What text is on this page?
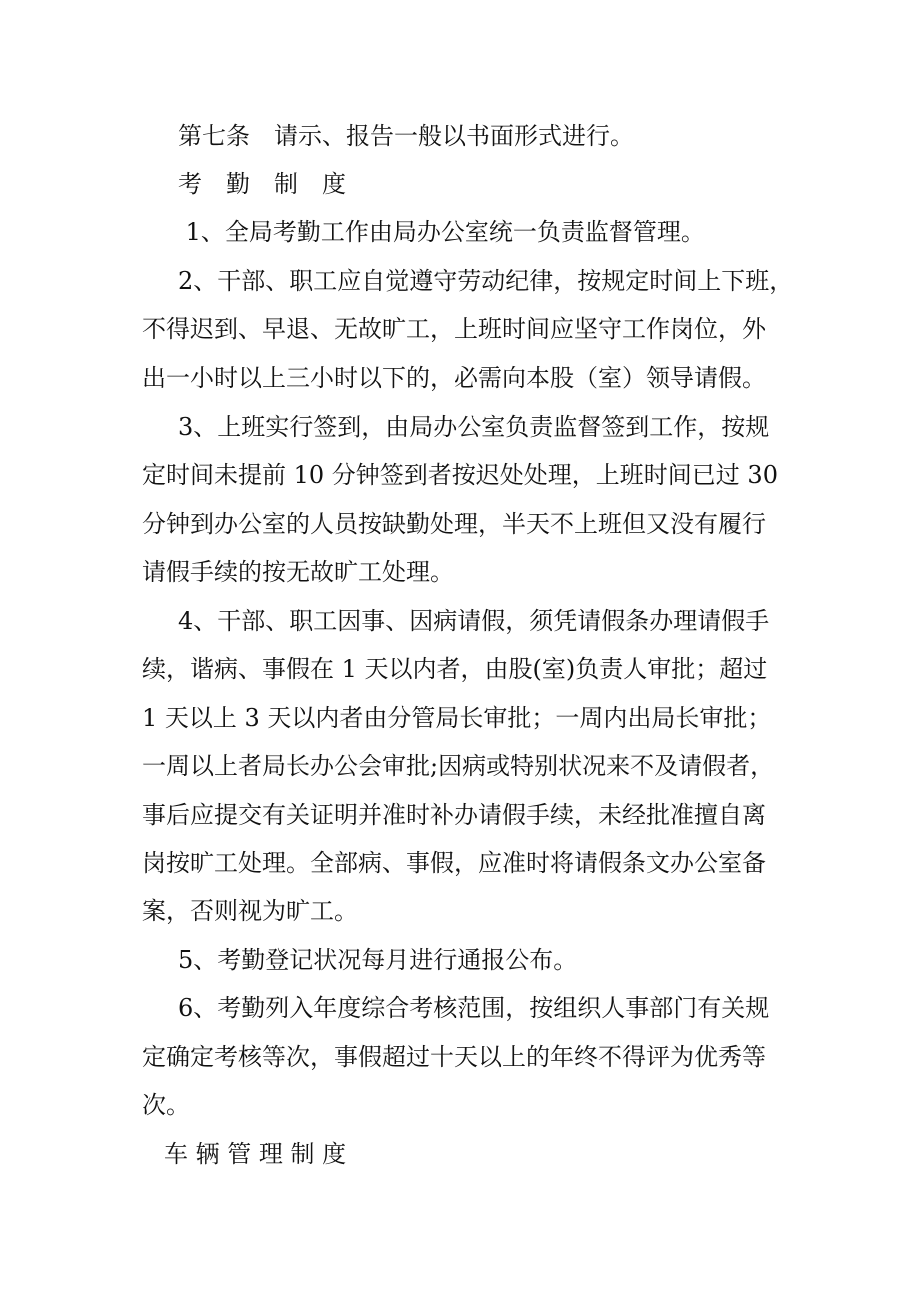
第七条　请示、报告一般以书面形式进行。
考　勤　制　度
1、全局考勤工作由局办公室统一负责监督管理。
2、干部、职工应自觉遵守劳动纪律，按规定时间上下班，
不得迟到、早退、无故旷工，上班时间应坚守工作岗位，外
出一小时以上三小时以下的，必需向本股（室）领导请假。
3、上班实行签到，由局办公室负责监督签到工作，按规
定时间未提前 10 分钟签到者按迟处处理，上班时间已过 30
分钟到办公室的人员按缺勤处理，半天不上班但又没有履行
请假手续的按无故旷工处理。
4、干部、职工因事、因病请假，须凭请假条办理请假手
续，谐病、事假在 1 天以内者，由股(室)负责人审批；超过
1 天以上 3 天以内者由分管局长审批；一周内出局长审批；
一周以上者局长办公会审批;因病或特别状况来不及请假者，
事后应提交有关证明并准时补办请假手续，未经批准擅自离
岗按旷工处理。全部病、事假，应准时将请假条文办公室备
案，否则视为旷工。
5、考勤登记状况每月进行通报公布。
6、考勤列入年度综合考核范围，按组织人事部门有关规
定确定考核等次，事假超过十天以上的年终不得评为优秀等
次。
车 辆 管 理 制 度
